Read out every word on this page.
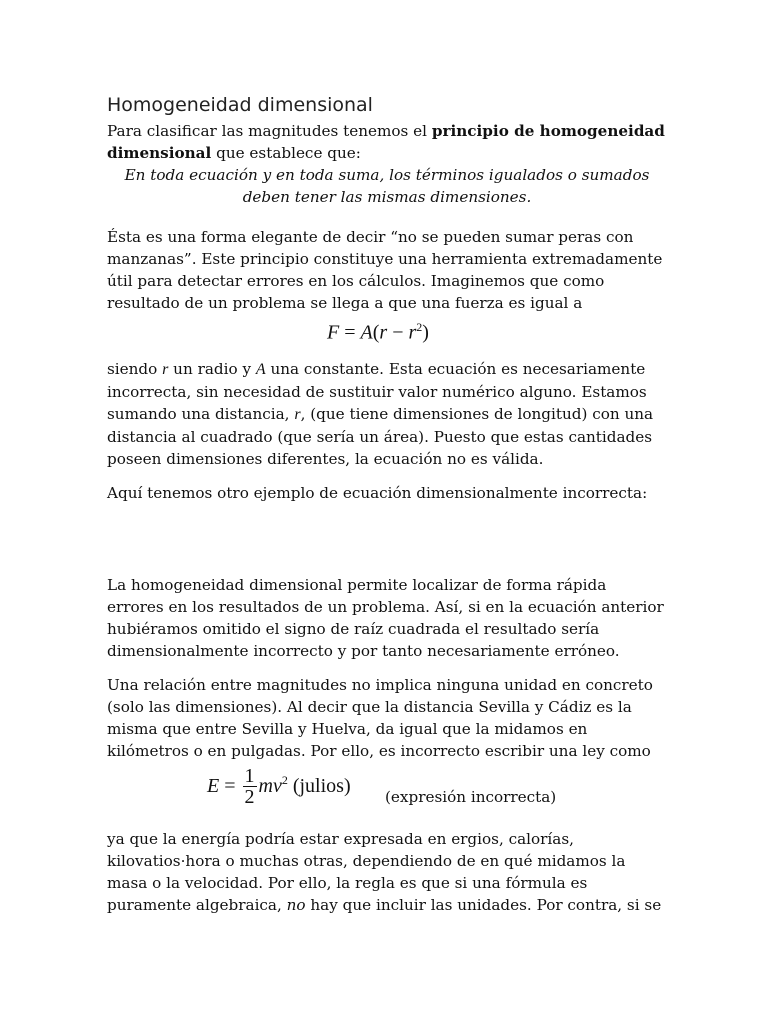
Homogeneidad dimensional

Para clasificar las magnitudes tenemos el principio de homogeneidad dimensional que establece que:

En toda ecuación y en toda suma, los términos igualados o sumados
deben tener las mismas dimensiones.

Ésta es una forma elegante de decir “no se pueden sumar peras con manzanas”. Este principio constituye una herramienta extremadamente útil para detectar errores en los cálculos. Imaginemos que como resultado de un problema se llega a que una fuerza es igual a

$F = A(r - r^2)$

siendo r un radio y A una constante. Esta ecuación es necesariamente incorrecta, sin necesidad de sustituir valor numérico alguno. Estamos sumando una distancia, r, (que tiene dimensiones de longitud) con una distancia al cuadrado (que sería un área). Puesto que estas cantidades poseen dimensiones diferentes, la ecuación no es válida.

Aquí tenemos otro ejemplo de ecuación dimensionalmente incorrecta:

La homogeneidad dimensional permite localizar de forma rápida errores en los resultados de un problema. Así, si en la ecuación anterior hubiéramos omitido el signo de raíz cuadrada el resultado sería dimensionalmente incorrecto y por tanto necesariamente erróneo.

Una relación entre magnitudes no implica ninguna unidad en concreto (solo las dimensiones). Al decir que la distancia Sevilla y Cádiz es la misma que entre Sevilla y Huelva, da igual que la midamos en kilómetros o en pulgadas. Por ello, es incorrecto escribir una ley como

$E = \frac{1}{2} mv^2$ (julios) (expresión incorrecta)

ya que la energía podría estar expresada en ergios, calorías, kilovatios·hora o muchas otras, dependiendo de en qué midamos la masa o la velocidad. Por ello, la regla es que si una fórmula es puramente algebraica, no hay que incluir las unidades. Por contra, si se
